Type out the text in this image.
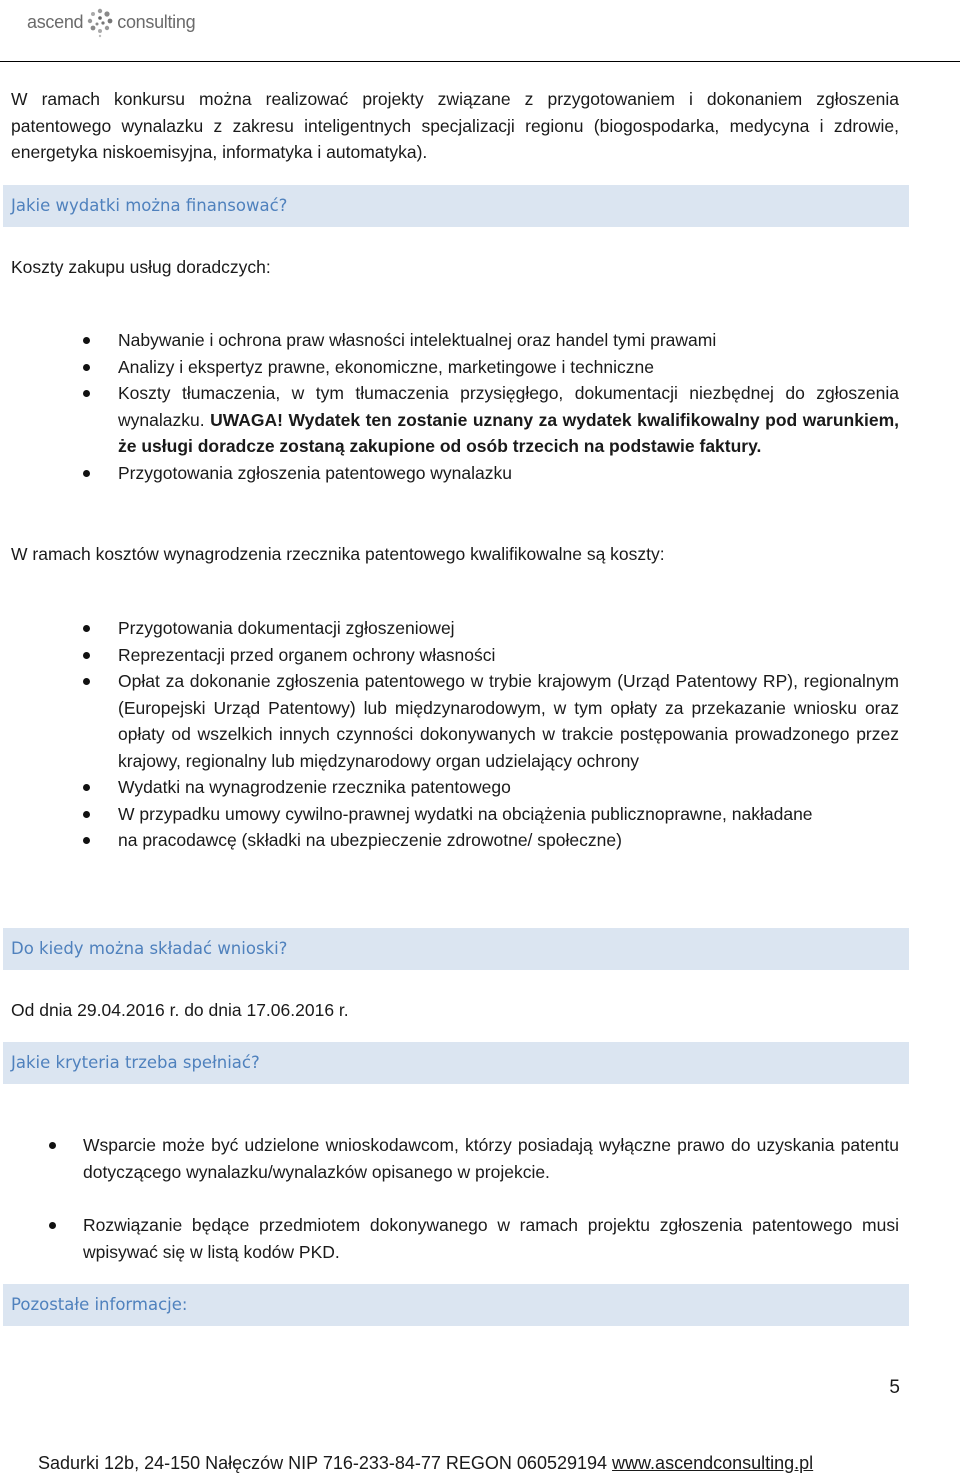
ascend consulting
W ramach konkursu można realizować projekty związane z przygotowaniem i dokonaniem zgłoszenia patentowego wynalazku z zakresu inteligentnych specjalizacji regionu (biogospodarka, medycyna i zdrowie, energetyka niskoemisyjna, informatyka i automatyka).
Jakie wydatki można finansować?
Koszty zakupu usług doradczych:
Nabywanie i ochrona praw własności intelektualnej oraz handel tymi prawami
Analizy i ekspertyz prawne, ekonomiczne, marketingowe i techniczne
Koszty tłumaczenia, w tym tłumaczenia przysięgłego, dokumentacji niezbędnej do zgłoszenia wynalazku. UWAGA! Wydatek ten zostanie uznany za wydatek kwalifikowalny pod warunkiem, że usługi doradcze zostaną zakupione od osób trzecich na podstawie faktury.
Przygotowania zgłoszenia patentowego wynalazku
W ramach kosztów wynagrodzenia rzecznika patentowego kwalifikowalne są koszty:
Przygotowania dokumentacji zgłoszeniowej
Reprezentacji przed organem ochrony własności
Opłat za dokonanie zgłoszenia patentowego w trybie krajowym (Urząd Patentowy RP), regionalnym (Europejski Urząd Patentowy) lub międzynarodowym, w tym opłaty za przekazanie wniosku oraz opłaty od wszelkich innych czynności dokonywanych w trakcie postępowania prowadzonego przez krajowy, regionalny lub międzynarodowy organ udzielający ochrony
Wydatki na wynagrodzenie rzecznika patentowego
W przypadku umowy cywilno-prawnej wydatki na obciążenia publicznoprawne, nakładane
na pracodawcę (składki na ubezpieczenie zdrowotne/ społeczne)
Do kiedy można składać wnioski?
Od dnia 29.04.2016 r. do dnia 17.06.2016 r.
Jakie kryteria trzeba spełniać?
Wsparcie może być udzielone wnioskodawcom, którzy posiadają wyłączne prawo do uzyskania patentu dotyczącego wynalazku/wynalazków opisanego w projekcie.
Rozwiązanie będące przedmiotem dokonywanego w ramach projektu zgłoszenia patentowego musi wpisywać się w listą kodów PKD.
Pozostałe informacje:
5
Sadurki 12b, 24-150 Nałęczów NIP 716-233-84-77 REGON 060529194 www.ascendconsulting.pl
